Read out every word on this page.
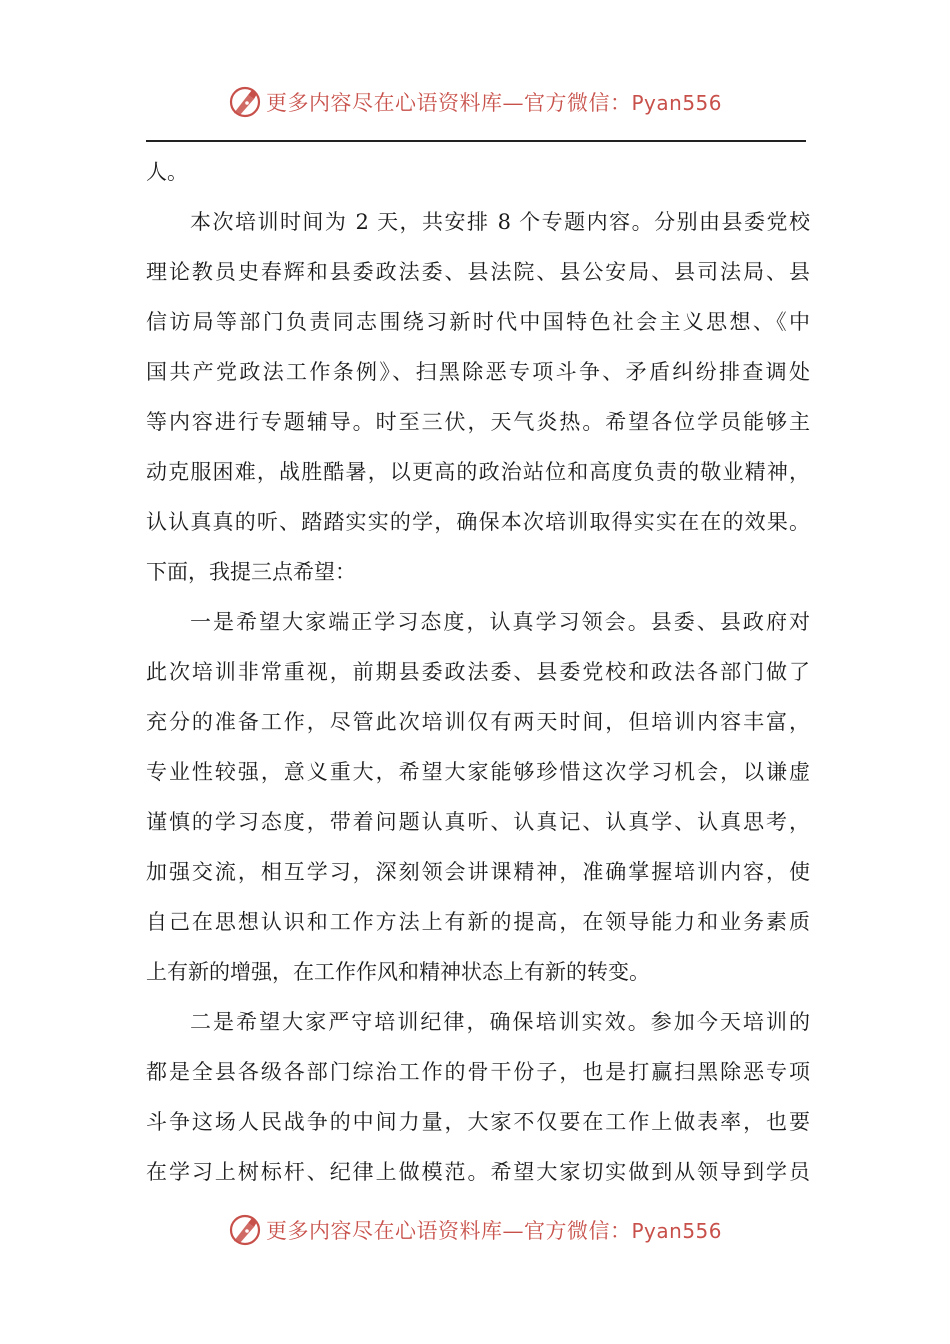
更多内容尽在心语资料库—官方微信：Pyan556
人。
本次培训时间为 2 天，共安排 8 个专题内容。分别由县委党校
理论教员史春辉和县委政法委、县法院、县公安局、县司法局、县
信访局等部门负责同志围绕习新时代中国特色社会主义思想、《中
国共产党政法工作条例》、扫黑除恶专项斗争、矛盾纠纷排查调处
等内容进行专题辅导。时至三伏，天气炎热。希望各位学员能够主
动克服困难，战胜酷暑，以更高的政治站位和高度负责的敬业精神，
认认真真的听、踏踏实实的学，确保本次培训取得实实在在的效果。
下面，我提三点希望：
一是希望大家端正学习态度，认真学习领会。县委、县政府对
此次培训非常重视，前期县委政法委、县委党校和政法各部门做了
充分的准备工作，尽管此次培训仅有两天时间，但培训内容丰富，
专业性较强，意义重大，希望大家能够珍惜这次学习机会，以谦虚
谨慎的学习态度，带着问题认真听、认真记、认真学、认真思考，
加强交流，相互学习，深刻领会讲课精神，准确掌握培训内容，使
自己在思想认识和工作方法上有新的提高，在领导能力和业务素质
上有新的增强，在工作作风和精神状态上有新的转变。
二是希望大家严守培训纪律，确保培训实效。参加今天培训的
都是全县各级各部门综治工作的骨干份子，也是打赢扫黑除恶专项
斗争这场人民战争的中间力量，大家不仅要在工作上做表率，也要
在学习上树标杆、纪律上做模范。希望大家切实做到从领导到学员
更多内容尽在心语资料库—官方微信：Pyan556
